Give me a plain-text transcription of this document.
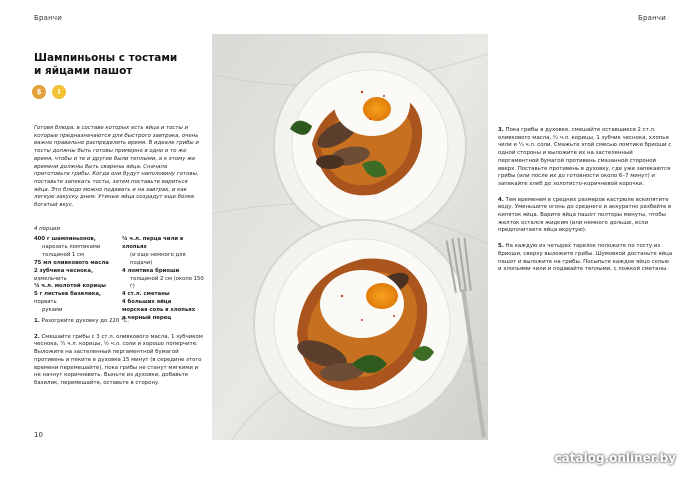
Бранчи	Бранчи
Шампиньоны с тостами
и яйцами пашот
$	I
Готовя блюда, в составе которых есть яйца и тосты и которые предназначаются для быстрого завтрака, очень важно правильно распределить время. В идеале грибы и тосты должны быть готовы примерно в одно и то же время, чтобы и те и другие были теплыми, а к этому же времени должны быть сварены яйца. Сначала приготовьте грибы. Когда они будут наполовину готовы, поставьте запекать тосты, затем поставьте вариться яйца. Это блюдо можно подавать и на завтрак, и как легкую закуску днем. Утиные яйца создадут еще более богатый вкус.
4 порции
400 г шампиньонов,
нарезать ломтиками
толщиной 1 см
75 мл оливкового масла
2 зубчика чеснока, измельчить
¼ ч.л. молотой корицы
5 г листьев базилика, порвать
руками
¼ ч.л. перца чили в хлопьях
(и еще немного для подачи)
4 ломтика бриоши
толщиной 2 см (около 150 г)
4 ст.л. сметаны
4 больших яйца
морская соль в хлопьях
и черный перец

1. Разогрейте духовку до 220 °C.

2. Смешайте грибы с 3 ст.л. оливкового масла, 1 зубчиком чеснока, ¼ ч.л. корицы, ½ ч.л. соли и хорошо поперчите. Выложите на застеленный пергаментной бумагой противень и пеките в духовке 15 минут (в середине этого времени перемешайте), пока грибы не станут мягкими и не начнут коричневеть. Выньте из духовки, добавьте базилик, перемешайте, оставьте в сторону.

3. Пока грибы в духовке, смешайте оставшиеся 2 ст.л. оливкового масла, ¼ ч.л. корицы, 1 зубчик чеснока, хлопья чили и ¼ ч.л. соли. Смажьте этой смесью ломтики бриоши с одной стороны и выложите их на застеленный пергаментной бумагой противень смазанной стороной вверх. Поставьте противень в духовку, где уже запекаются грибы (или после их до готовности около 6–7 минут) и запекайте хлеб до золотисто-коричневой корочки.

4. Тем временем в средних размеров кастрюле вскипятите воду. Уменьшите огонь до среднего и аккуратно разбейте в кипяток яйца. Варите яйца пашот полторы минуты, чтобы желток остался жидким (или немного дольше, если предпочитаете яйца вкрутую).

5. На каждую из четырех тарелок положите по тосту из бриоши, сверху выложите грибы. Шумовкой достаньте яйца пашот и выложите на грибы. Посыпьте каждое яйцо солью и хлопьями чили и подавайте теплыми, с ложкой сметаны.

10
catalog.onliner.by
